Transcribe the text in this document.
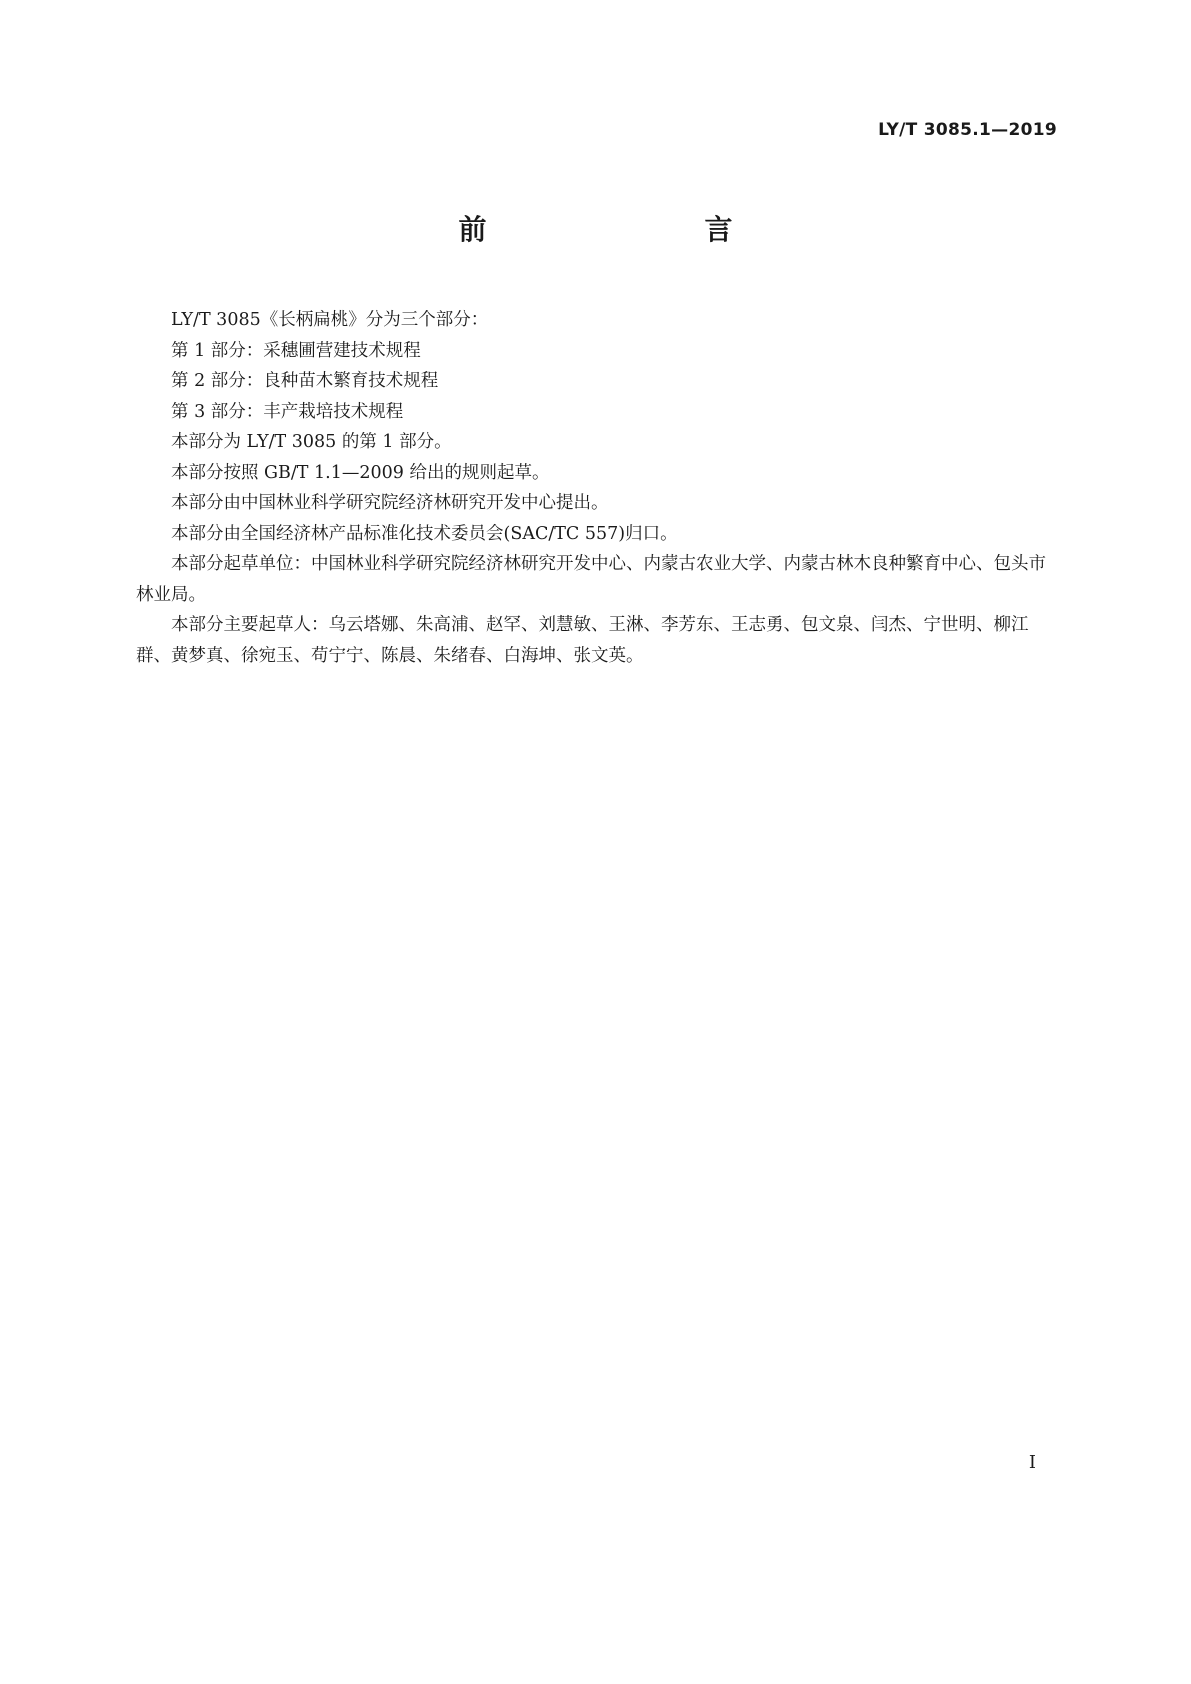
LY/T 3085.1—2019
前　　言

LY/T 3085《长柄扁桃》分为三个部分：

第 1 部分：采穗圃营建技术规程

第 2 部分：良种苗木繁育技术规程

第 3 部分：丰产栽培技术规程

本部分为 LY/T 3085 的第 1 部分。

本部分按照 GB/T 1.1—2009 给出的规则起草。

本部分由中国林业科学研究院经济林研究开发中心提出。

本部分由全国经济林产品标准化技术委员会(SAC/TC 557)归口。

本部分起草单位：中国林业科学研究院经济林研究开发中心、内蒙古农业大学、内蒙古林木良种繁育中心、包头市林业局。

本部分主要起草人：乌云塔娜、朱高浦、赵罕、刘慧敏、王淋、李芳东、王志勇、包文泉、闫杰、宁世明、柳江群、黄梦真、徐宛玉、苟宁宁、陈晨、朱绪春、白海坤、张文英。

I
